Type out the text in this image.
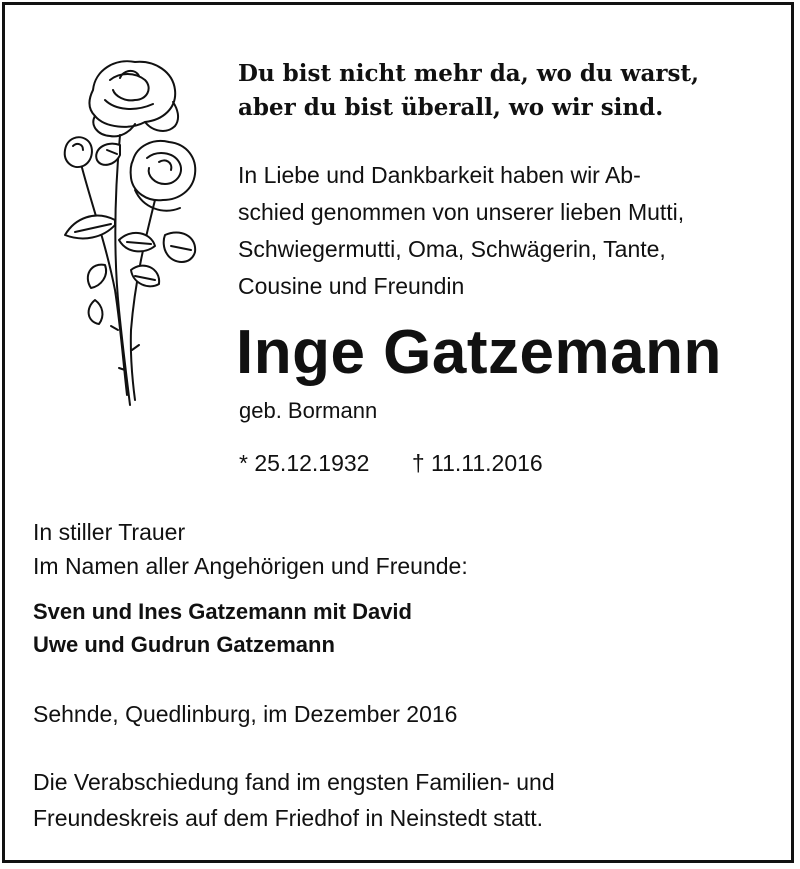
Du bist nicht mehr da, wo du warst,
aber du bist überall, wo wir sind.
In Liebe und Dankbarkeit haben wir Ab-
schied genommen von unserer lieben Mutti,
Schwiegermutti, Oma, Schwägerin, Tante,
Cousine und Freundin
Inge Gatzemann
geb. Bormann
* 25.12.1932 † 11.11.2016
In stiller Trauer
Im Namen aller Angehörigen und Freunde:
Sven und Ines Gatzemann mit David
Uwe und Gudrun Gatzemann
Sehnde, Quedlinburg, im Dezember 2016
Die Verabschiedung fand im engsten Familien- und
Freundeskreis auf dem Friedhof in Neinstedt statt.
